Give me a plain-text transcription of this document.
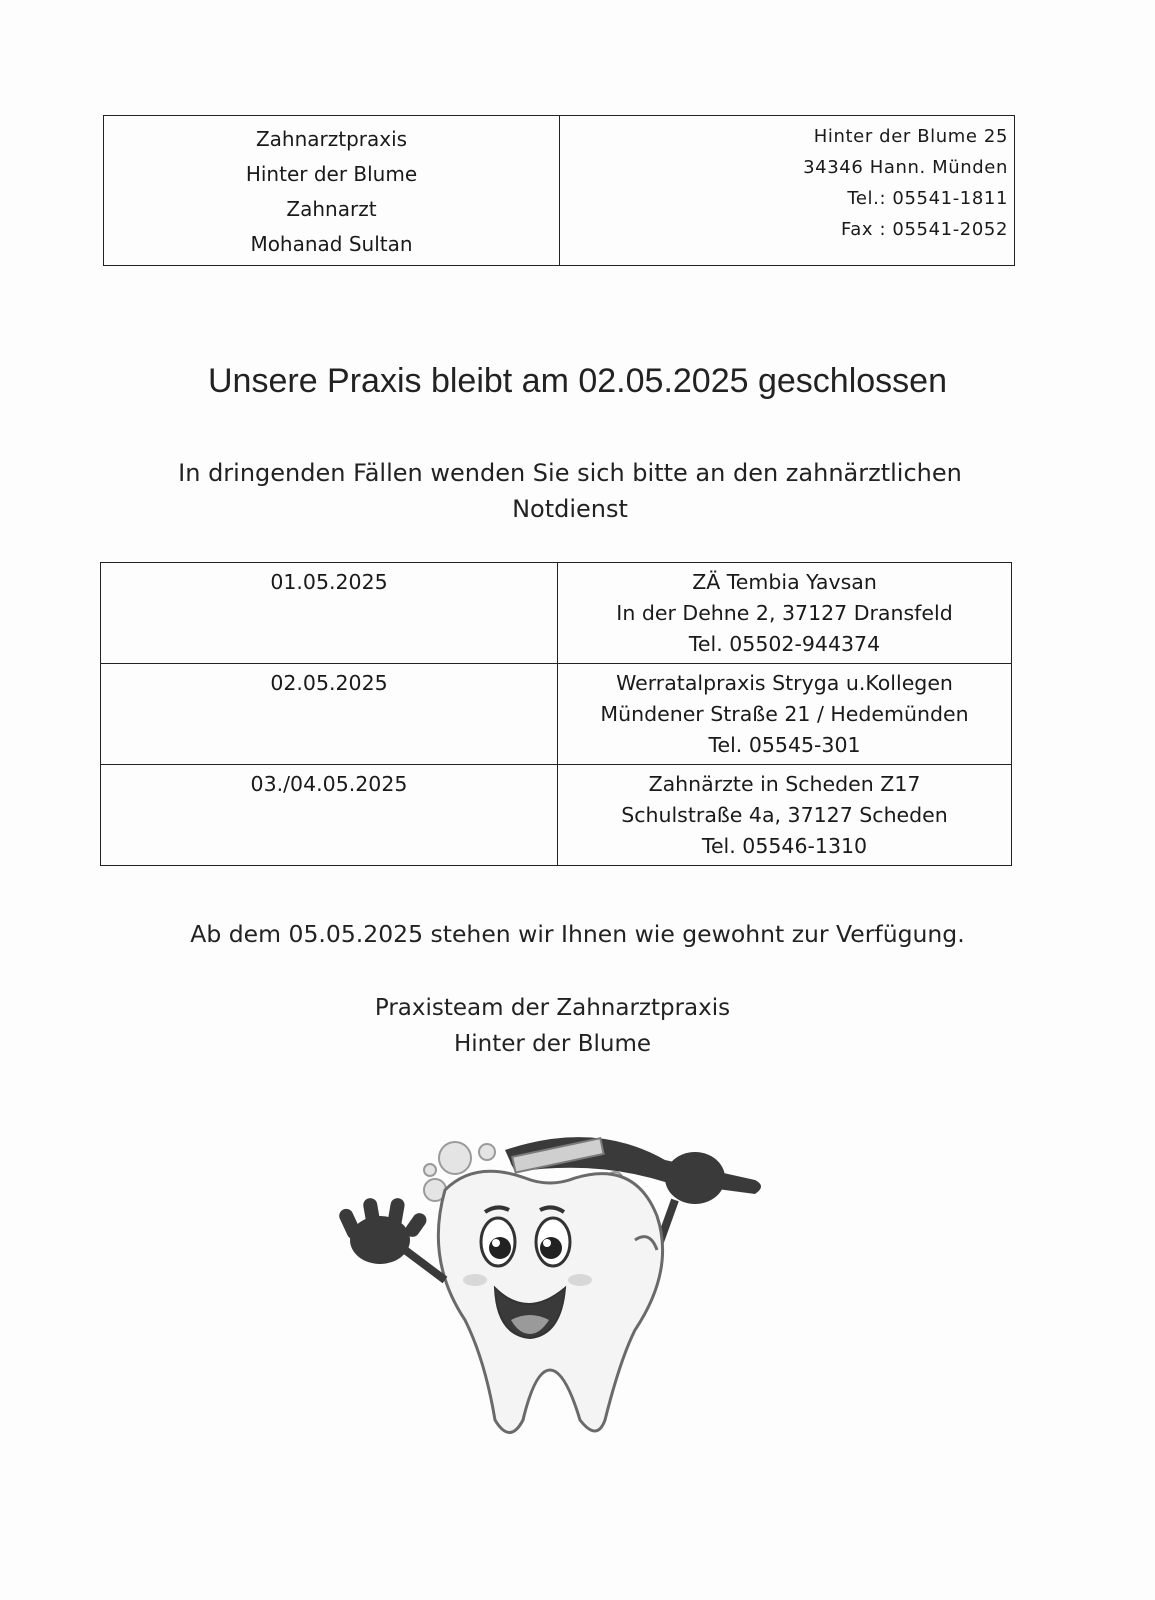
Zahnarztpraxis
Hinter der Blume
Zahnarzt
Mohanad Sultan
Hinter der Blume 25
34346 Hann. Münden
Tel.: 05541-1811
Fax : 05541-2052
Unsere Praxis bleibt am 02.05.2025 geschlossen
In dringenden Fällen wenden Sie sich bitte an den zahnärztlichen
Notdienst
01.05.2025	ZÄ Tembia Yavsan
In der Dehne 2, 37127 Dransfeld
Tel. 05502-944374

02.05.2025	Werratalpraxis Stryga u.Kollegen
Mündener Straße 21 / Hedemünden
Tel. 05545-301

03./04.05.2025	Zahnärzte in Scheden Z17
Schulstraße 4a, 37127 Scheden
Tel. 05546-1310
Ab dem 05.05.2025 stehen wir Ihnen wie gewohnt zur Verfügung.
Praxisteam der Zahnarztpraxis
Hinter der Blume
